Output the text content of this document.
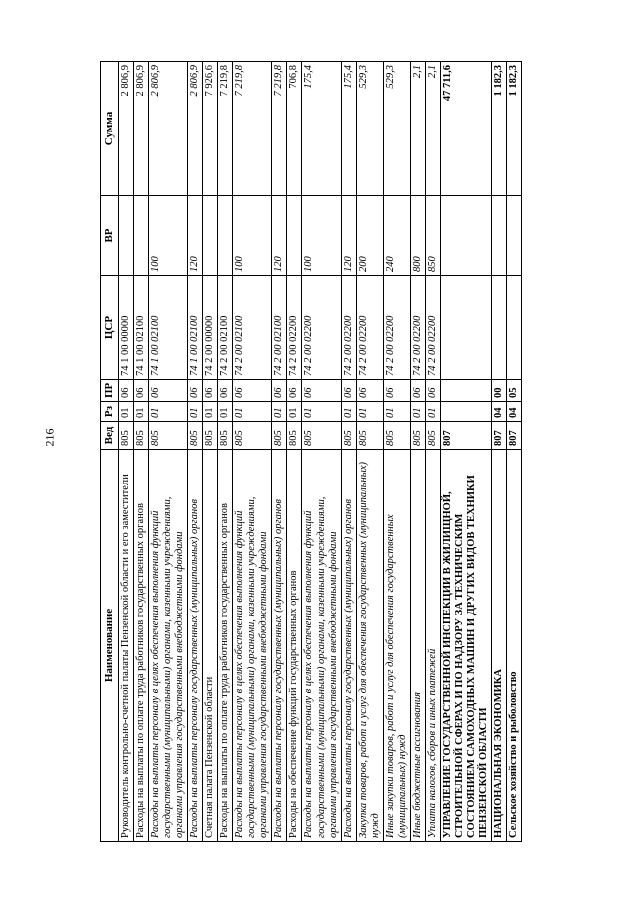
216
Наименование	Вед	Рз	ПР	ЦСР	ВР	Сумма
Руководитель контрольно-счетной палаты Пензенской области и его заместители	805	01	06	74 1 00 00000		2 806,9
Расходы на выплаты по оплате труда работников государственных органов	805	01	06	74 1 00 02100		2 806,9
Расходы на выплаты персоналу в целях обеспечения выполнения функций государственными (муниципальными) органами, казенными учреждениями, органами управления государственными внебюджетными фондами	805	01	06	74 1 00 02100	100	2 806,9
Расходы на выплаты персоналу государственных (муниципальных) органов	805	01	06	74 1 00 02100	120	2 806,9
Счетная палата Пензенской области	805	01	06	74 2 00 00000		7 926,6
Расходы на выплаты по оплате труда работников государственных органов	805	01	06	74 2 00 02100		7 219,8
Расходы на выплаты персоналу в целях обеспечения выполнения функций государственными (муниципальными) органами, казенными учреждениями, органами управления государственными внебюджетными фондами	805	01	06	74 2 00 02100	100	7 219,8
Расходы на выплаты персоналу государственных (муниципальных) органов	805	01	06	74 2 00 02100	120	7 219,8
Расходы на обеспечение функций государственных органов	805	01	06	74 2 00 02200		706,8
Расходы на выплаты персоналу в целях обеспечения выполнения функций государственными (муниципальными) органами, казенными учреждениями, органами управления государственными внебюджетными фондами	805	01	06	74 2 00 02200	100	175,4
Расходы на выплаты персоналу государственных (муниципальных) органов	805	01	06	74 2 00 02200	120	175,4
Закупка товаров, работ и услуг для обеспечения государственных (муниципальных) нужд	805	01	06	74 2 00 02200	200	529,3
Иные закупки товаров, работ и услуг для обеспечения государственных (муниципальных) нужд	805	01	06	74 2 00 02200	240	529,3
Иные бюджетные ассигнования	805	01	06	74 2 00 02200	800	2,1
Уплата налогов, сборов и иных платежей	805	01	06	74 2 00 02200	850	2,1
УПРАВЛЕНИЕ ГОСУДАРСТВЕННОЙ ИНСПЕКЦИИ В ЖИЛИЩНОЙ, СТРОИТЕЛЬНОЙ СФЕРАХ И ПО НАДЗОРУ ЗА ТЕХНИЧЕСКИМ СОСТОЯНИЕМ САМОХОДНЫХ МАШИН И ДРУГИХ ВИДОВ ТЕХНИКИ ПЕНЗЕНСКОЙ ОБЛАСТИ	807					47 711,6
НАЦИОНАЛЬНАЯ ЭКОНОМИКА	807	04	00			1 182,3
Сельское хозяйство и рыболовство	807	04	05			1 182,3
